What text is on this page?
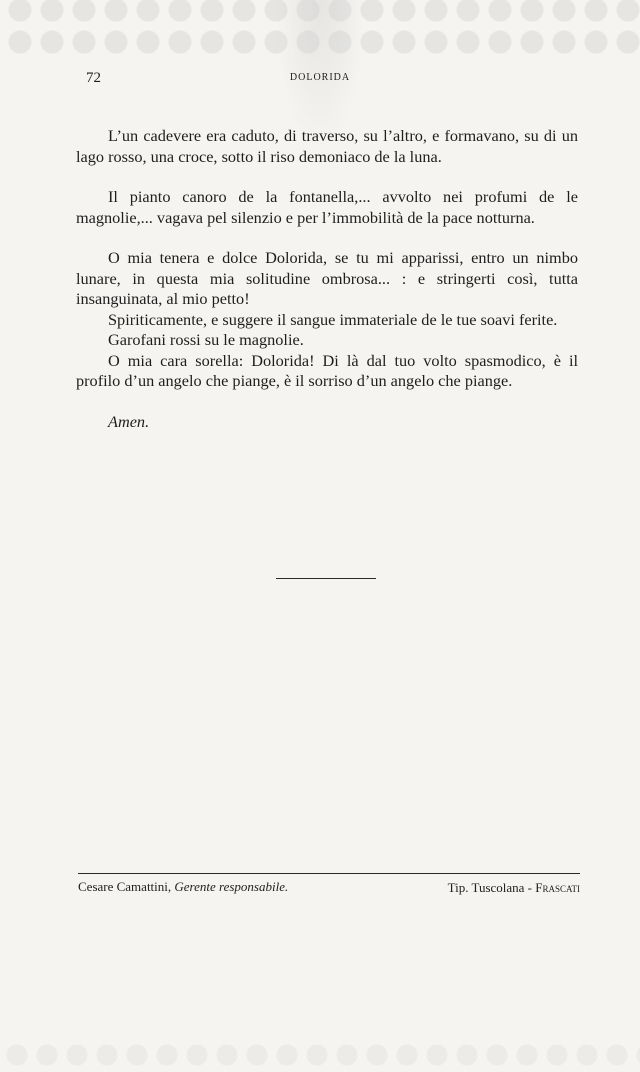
72	DOLORIDA

L’un cadevere era caduto, di traverso, su l’altro, e formavano, su di un lago rosso, una croce, sotto il riso demoniaco de la luna.

Il pianto canoro de la fontanella,... avvolto nei profumi de le magnolie,... vagava pel silenzio e per l’immobilità de la pace notturna.

O mia tenera e dolce Dolorida, se tu mi apparissi, entro un nimbo lunare, in questa mia solitudine ombrosa... : e stringerti così, tutta insanguinata, al mio petto!

Spiriticamente, e suggere il sangue immateriale de le tue soavi ferite.

Garofani rossi su le magnolie.

O mia cara sorella: Dolorida! Di là dal tuo volto spasmodico, è il profilo d’un angelo che piange, è il sorriso d’un angelo che piange.

Amen.

Cesare Camattini, Gerente responsabile.	Tip. Tuscolana - Frascati
